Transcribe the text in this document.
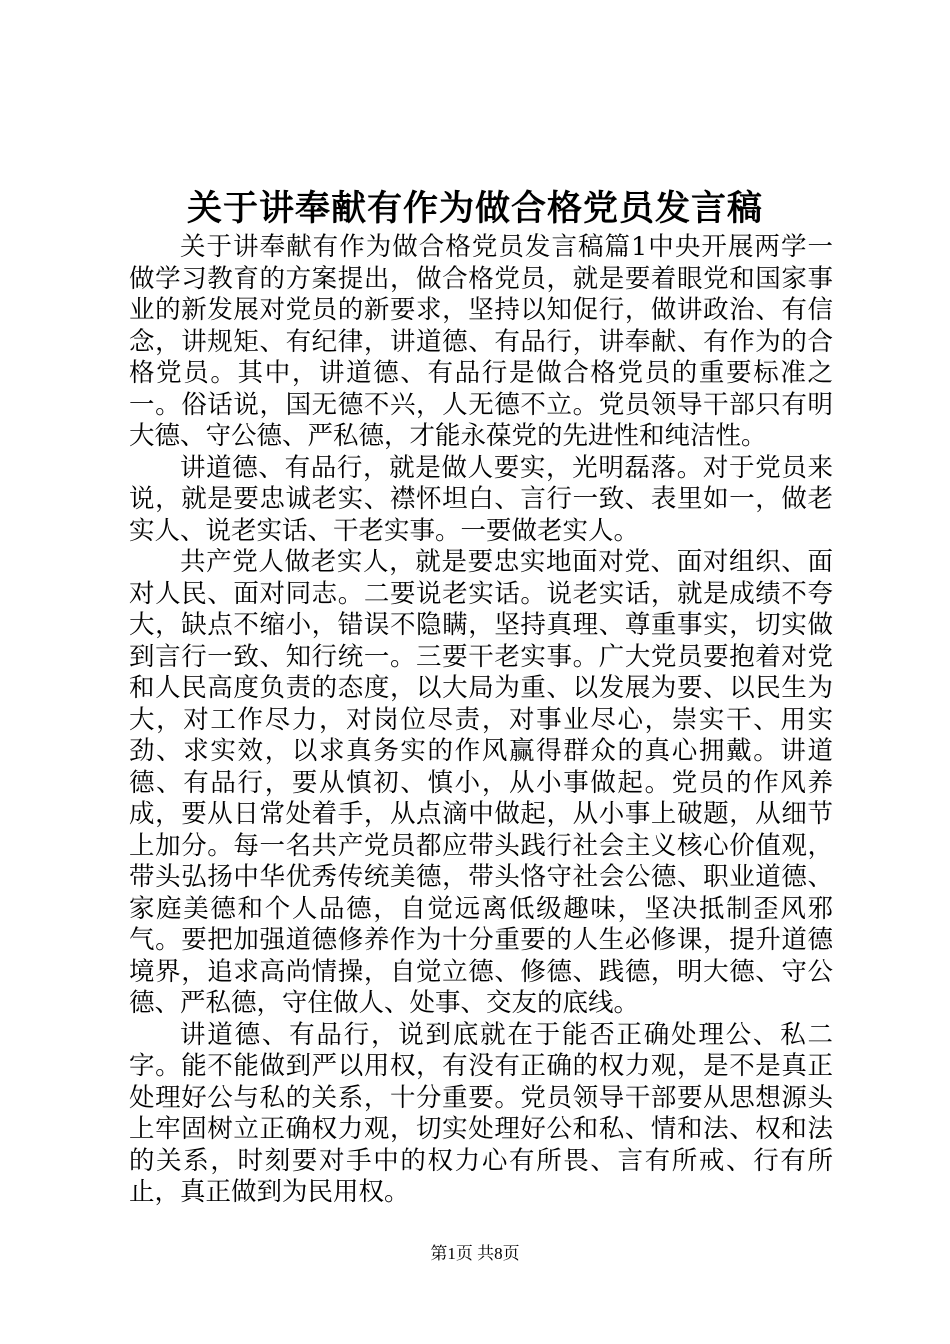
关于讲奉献有作为做合格党员发言稿

关于讲奉献有作为做合格党员发言稿篇1中央开展两学一做学习教育的方案提出，做合格党员，就是要着眼党和国家事业的新发展对党员的新要求，坚持以知促行，做讲政治、有信念，讲规矩、有纪律，讲道德、有品行，讲奉献、有作为的合格党员。其中，讲道德、有品行是做合格党员的重要标准之一。俗话说，国无德不兴，人无德不立。党员领导干部只有明大德、守公德、严私德，才能永葆党的先进性和纯洁性。

讲道德、有品行，就是做人要实，光明磊落。对于党员来说，就是要忠诚老实、襟怀坦白、言行一致、表里如一，做老实人、说老实话、干老实事。一要做老实人。

共产党人做老实人，就是要忠实地面对党、面对组织、面对人民、面对同志。二要说老实话。说老实话，就是成绩不夸大，缺点不缩小，错误不隐瞒，坚持真理、尊重事实，切实做到言行一致、知行统一。三要干老实事。广大党员要抱着对党和人民高度负责的态度，以大局为重、以发展为要、以民生为大，对工作尽力，对岗位尽责，对事业尽心，崇实干、用实劲、求实效，以求真务实的作风赢得群众的真心拥戴。讲道德、有品行，要从慎初、慎小，从小事做起。党员的作风养成，要从日常处着手，从点滴中做起，从小事上破题，从细节上加分。每一名共产党员都应带头践行社会主义核心价值观，带头弘扬中华优秀传统美德，带头恪守社会公德、职业道德、家庭美德和个人品德，自觉远离低级趣味，坚决抵制歪风邪气。要把加强道德修养作为十分重要的人生必修课，提升道德境界，追求高尚情操，自觉立德、修德、践德，明大德、守公德、严私德，守住做人、处事、交友的底线。

讲道德、有品行，说到底就在于能否正确处理公、私二字。能不能做到严以用权，有没有正确的权力观，是不是真正处理好公与私的关系，十分重要。党员领导干部要从思想源头上牢固树立正确权力观，切实处理好公和私、情和法、权和法的关系，时刻要对手中的权力心有所畏、言有所戒、行有所止，真正做到为民用权。

第1页 共8页
